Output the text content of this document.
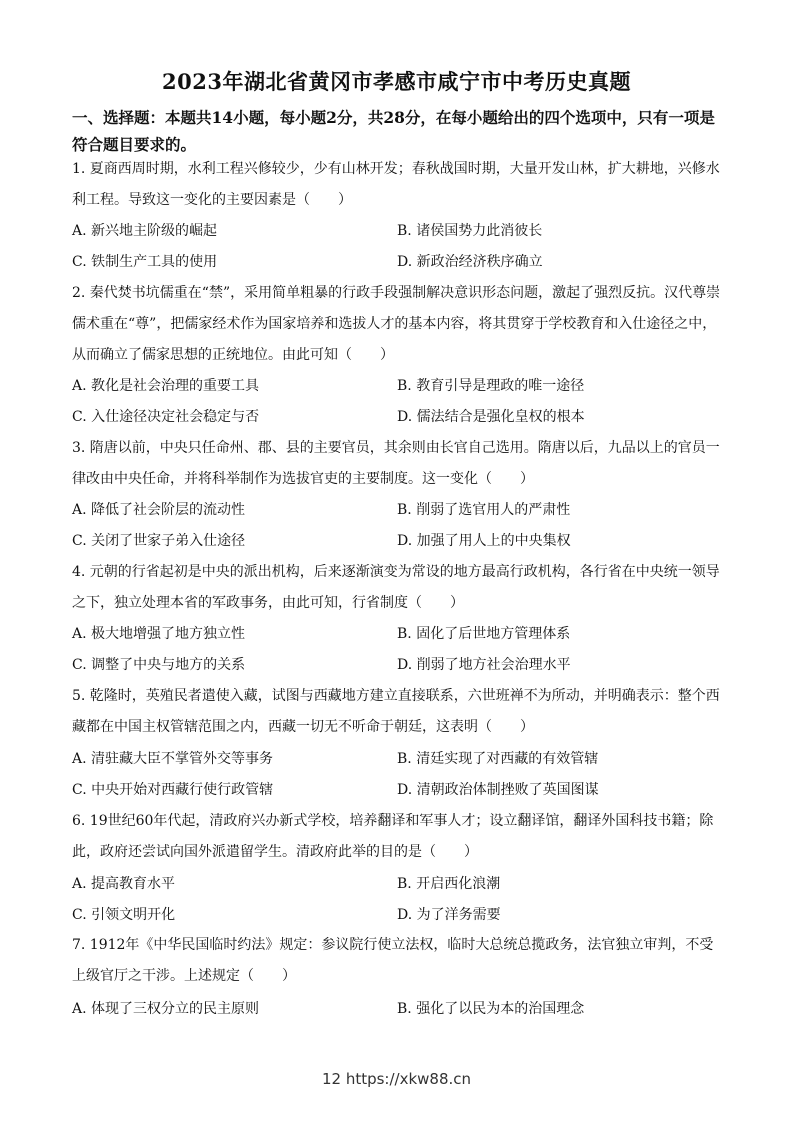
2023年湖北省黄冈市孝感市咸宁市中考历史真题
一、选择题：本题共14小题，每小题2分，共28分，在每小题给出的四个选项中，只有一项是符合题目要求的。
1. 夏商西周时期，水利工程兴修较少，少有山林开发；春秋战国时期，大量开发山林，扩大耕地，兴修水利工程。导致这一变化的主要因素是（　　）
A. 新兴地主阶级的崛起	B. 诸侯国势力此消彼长
C. 铁制生产工具的使用	D. 新政治经济秩序确立
2. 秦代焚书坑儒重在“禁”，采用简单粗暴的行政手段强制解决意识形态问题，激起了强烈反抗。汉代尊崇儒术重在“尊”，把儒家经术作为国家培养和选拔人才的基本内容，将其贯穿于学校教育和入仕途径之中，从而确立了儒家思想的正统地位。由此可知（　　）
A. 教化是社会治理的重要工具	B. 教育引导是理政的唯一途径
C. 入仕途径决定社会稳定与否	D. 儒法结合是强化皇权的根本
3. 隋唐以前，中央只任命州、郡、县的主要官员，其余则由长官自己选用。隋唐以后，九品以上的官员一律改由中央任命，并将科举制作为选拔官吏的主要制度。这一变化（　　）
A. 降低了社会阶层的流动性	B. 削弱了选官用人的严肃性
C. 关闭了世家子弟入仕途径	D. 加强了用人上的中央集权
4. 元朝的行省起初是中央的派出机构，后来逐渐演变为常设的地方最高行政机构，各行省在中央统一领导之下，独立处理本省的军政事务，由此可知，行省制度（　　）
A. 极大地增强了地方独立性	B. 固化了后世地方管理体系
C. 调整了中央与地方的关系	D. 削弱了地方社会治理水平
5. 乾隆时，英殖民者遣使入藏，试图与西藏地方建立直接联系，六世班禅不为所动，并明确表示：整个西藏都在中国主权管辖范围之内，西藏一切无不听命于朝廷，这表明（　　）
A. 清驻藏大臣不掌管外交等事务	B. 清廷实现了对西藏的有效管辖
C. 中央开始对西藏行使行政管辖	D. 清朝政治体制挫败了英国图谋
6. 19世纪60年代起，清政府兴办新式学校，培养翻译和军事人才；设立翻译馆，翻译外国科技书籍；除此，政府还尝试向国外派遣留学生。清政府此举的目的是（　　）
A. 提高教育水平	B. 开启西化浪潮
C. 引领文明开化	D. 为了洋务需要
7. 1912年《中华民国临时约法》规定：参议院行使立法权，临时大总统总揽政务，法官独立审判，不受上级官厅之干涉。上述规定（　　）
A. 体现了三权分立的民主原则	B. 强化了以民为本的治国理念
12 https://xkw88.cn
